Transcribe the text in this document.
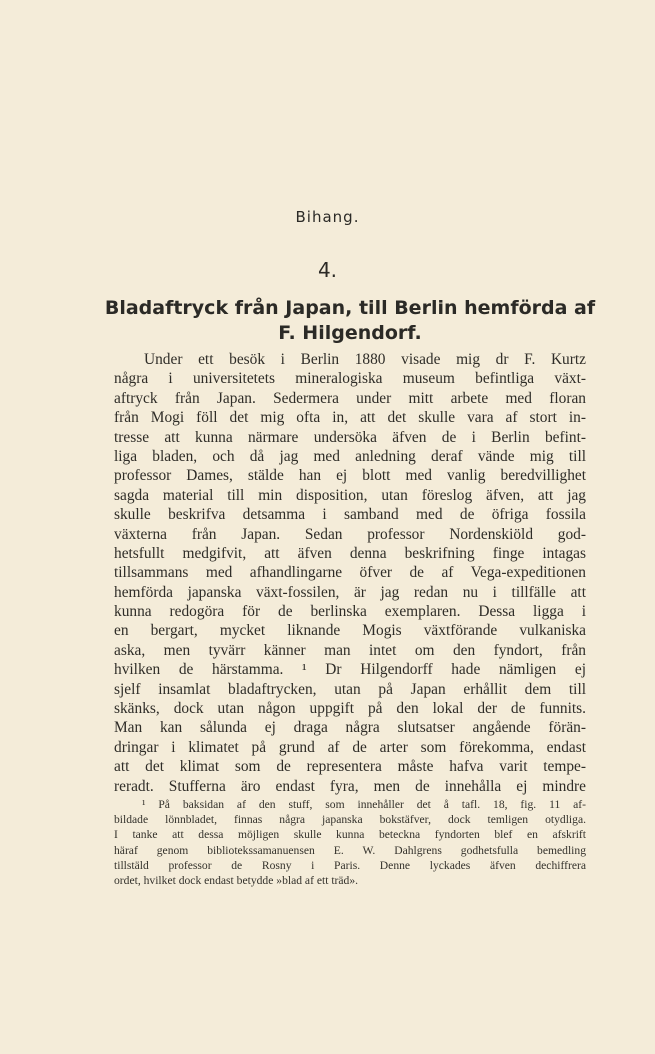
Bihang.
4.
Bladaftryck från Japan, till Berlin hemförda af
F. Hilgendorf.
Under ett besök i Berlin 1880 visade mig dr F. Kurtz
några i universitetets mineralogiska museum befintliga växt-
aftryck från Japan. Sedermera under mitt arbete med floran
från Mogi föll det mig ofta in, att det skulle vara af stort in-
tresse att kunna närmare undersöka äfven de i Berlin befint-
liga bladen, och då jag med anledning deraf vände mig till
professor Dames, stälde han ej blott med vanlig beredvillighet
sagda material till min disposition, utan föreslog äfven, att jag
skulle beskrifva detsamma i samband med de öfriga fossila
växterna från Japan. Sedan professor Nordenskiöld god-
hetsfullt medgifvit, att äfven denna beskrifning finge intagas
tillsammans med afhandlingarne öfver de af Vega-expeditionen
hemförda japanska växt-fossilen, är jag redan nu i tillfälle att
kunna redogöra för de berlinska exemplaren. Dessa ligga i
en bergart, mycket liknande Mogis växtförande vulkaniska
aska, men tyvärr känner man intet om den fyndort, från
hvilken de härstamma. ¹ Dr Hilgendorff hade nämligen ej
sjelf insamlat bladaftrycken, utan på Japan erhållit dem till
skänks, dock utan någon uppgift på den lokal der de funnits.
Man kan sålunda ej draga några slutsatser angående förän-
dringar i klimatet på grund af de arter som förekomma, endast
att det klimat som de representera måste hafva varit tempe-
reradt. Stufferna äro endast fyra, men de innehålla ej mindre
¹ På baksidan af den stuff, som innehåller det å tafl. 18, fig. 11 af-
bildade lönnbladet, finnas några japanska bokstäfver, dock temligen otydliga.
I tanke att dessa möjligen skulle kunna beteckna fyndorten blef en afskrift
häraf genom bibliotekssamanuensen E. W. Dahlgrens godhetsfulla bemedling
tillstäld professor de Rosny i Paris. Denne lyckades äfven dechiffrera
ordet, hvilket dock endast betydde »blad af ett träd».
